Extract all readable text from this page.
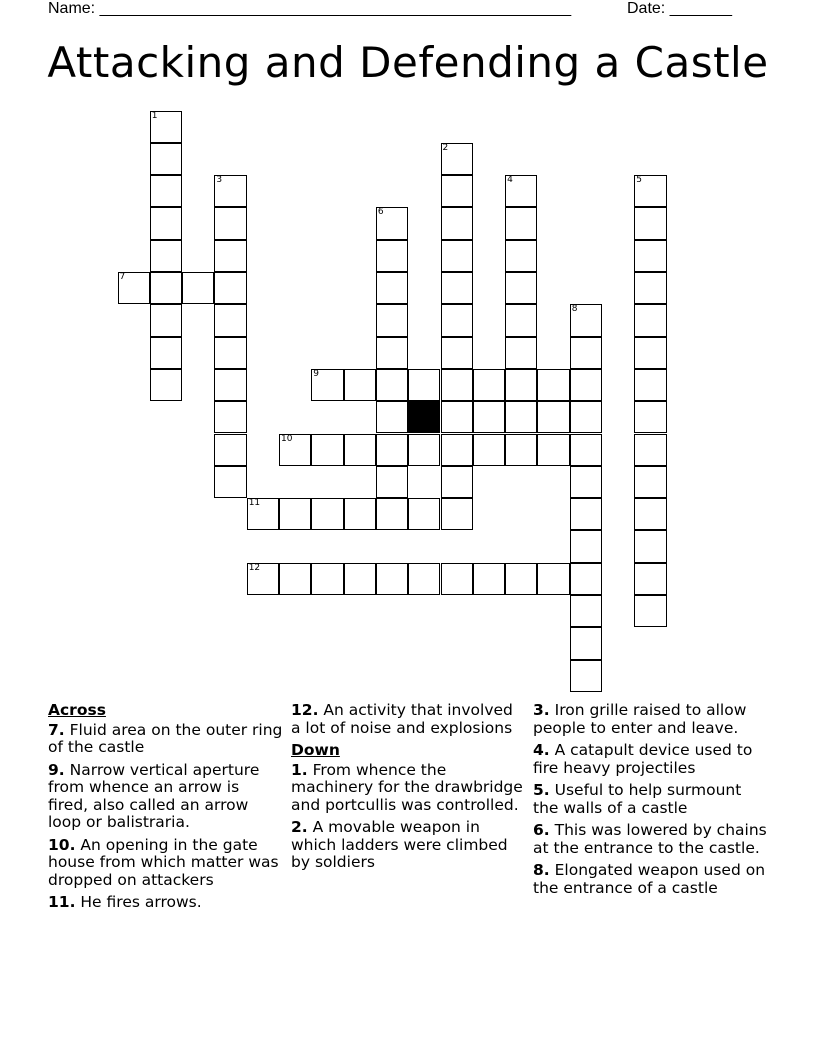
Name: _____________________________________________________	Date: _______
Attacking and Defending a Castle
1
2
3	4	5
6
7
8
9
10
11
12
Across
7. Fluid area on the outer ring of the castle
9. Narrow vertical aperture from whence an arrow is fired, also called an arrow loop or balistraria.
10. An opening in the gate house from which matter was dropped on attackers
11. He fires arrows.
12. An activity that involved a lot of noise and explosions
Down
1. From whence the machinery for the drawbridge and portcullis was controlled.
2. A movable weapon in which ladders were climbed by soldiers
3. Iron grille raised to allow people to enter and leave.
4. A catapult device used to fire heavy projectiles
5. Useful to help surmount the walls of a castle
6. This was lowered by chains at the entrance to the castle.
8. Elongated weapon used on the entrance of a castle
